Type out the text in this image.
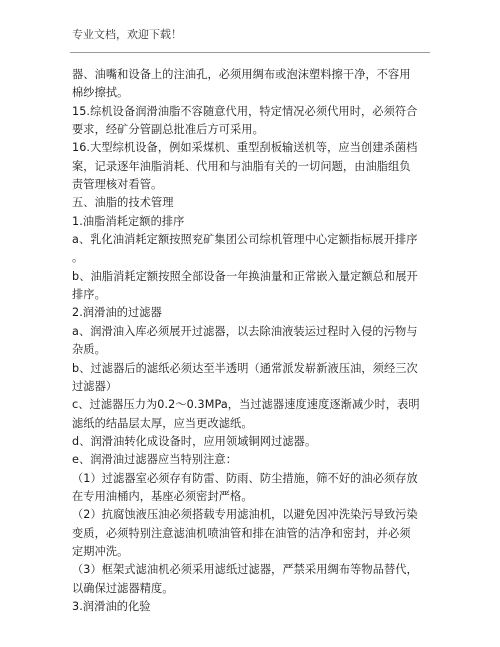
专业文档，欢迎下载！
器、油嘴和设备上的注油孔，必须用绸布或泡沫塑料擦干净，不容用
棉纱擦拭。
15.综机设备润滑油脂不容随意代用，特定情况必须代用时，必须符合
要求，经矿分管副总批准后方可采用。
16.大型综机设备，例如采煤机、重型刮板输送机等，应当创建杀菌档
案，记录逐年油脂消耗、代用和与油脂有关的一切问题，由油脂组负
责管理核对看管。
五、油脂的技术管理
1.油脂消耗定额的排序
a、乳化油消耗定额按照兖矿集团公司综机管理中心定额指标展开排序
。
b、油脂消耗定额按照全部设备一年换油量和正常嵌入量定额总和展开
排序。
2.润滑油的过滤器
a、润滑油入库必须展开过滤器，以去除油液装运过程时入侵的污物与
杂质。
b、过滤器后的滤纸必须达至半透明（通常派发崭新液压油，须经三次
过滤器）
c、过滤器压力为0.2～0.3MPa，当过滤器速度速度逐渐减少时，表明
滤纸的结晶层太厚，应当更改滤纸。
d、润滑油转化成设备时，应用领域铜网过滤器。
e、润滑油过滤器应当特别注意：
（1）过滤器室必须存有防雷、防雨、防尘措施，筛不好的油必须存放
在专用油桶内，基座必须密封严格。
（2）抗腐蚀液压油必须搭载专用滤油机，以避免因冲洗染污导致污染
变质，必须特别注意滤油机喷油管和排在油管的洁净和密封，并必须
定期冲洗。
（3）框架式滤油机必须采用滤纸过滤器，严禁采用绸布等物品替代，
以确保过滤器精度。
3.润滑油的化验
